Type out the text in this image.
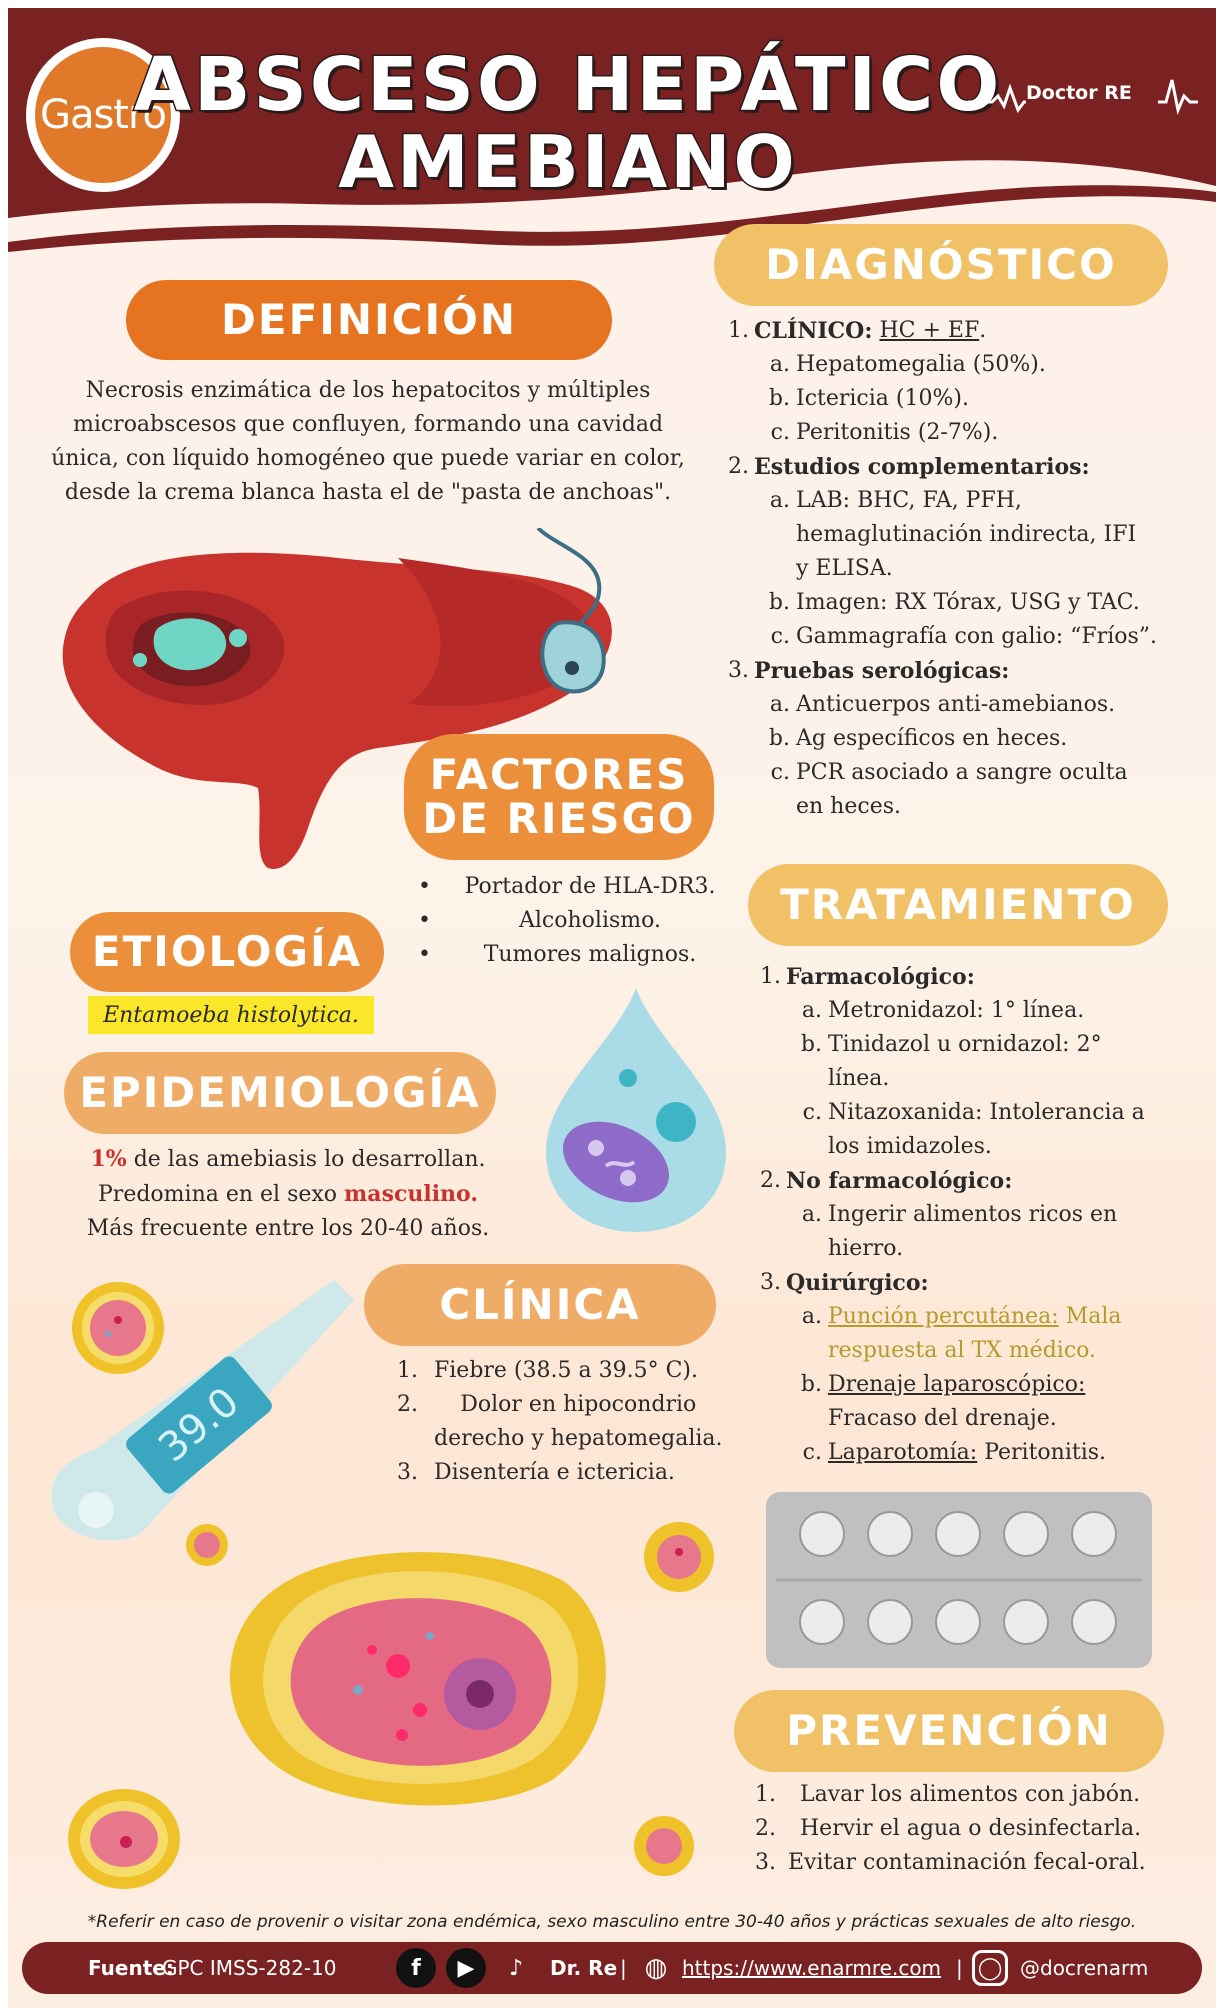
Gastro
ABSCESO HEPÁTICO
AMEBIANO
Doctor RE
DEFINICIÓN
Necrosis enzimática de los hepatocitos y múltiples
microabscesos que confluyen, formando una cavidad
única, con líquido homogéneo que puede variar en color,
desde la crema blanca hasta el de "pasta de anchoas".
FACTORES
DE RIESGO
•	Portador de HLA-DR3.
•	Alcoholismo.
•	Tumores malignos.
ETIOLOGÍA
Entamoeba histolytica.
EPIDEMIOLOGÍA
1% de las amebiasis lo desarrollan.
Predomina en el sexo masculino.
Más frecuente entre los 20-40 años.
39.0
CLÍNICA
1. Fiebre (38.5 a 39.5° C).
2.	Dolor en hipocondrio
derecho y hepatomegalia.
3. Disentería e ictericia.
DIAGNÓSTICO
1. CLÍNICO:
HC + EF .
a. Hepatomegalia (50%).
b. Ictericia (10%).
c. Peritonitis (2-7%).
2. Estudios complementarios:
a. LAB: BHC, FA, PFH,
hemaglutinación indirecta, IFI
y ELISA.
b. Imagen: RX Tórax, USG y TAC.
c. Gammagrafía con galio: “Fríos”.
3. Pruebas serológicas:
a. Anticuerpos anti-amebianos.
b. Ag específicos en heces.
c. PCR asociado a sangre oculta
en heces.
TRATAMIENTO
1. Farmacológico:
a. Metronidazol: 1° línea.
b. Tinidazol u ornidazol: 2°
línea.
c. Nitazoxanida: Intolerancia a
los imidazoles.
2. No farmacológico:
a. Ingerir alimentos ricos en
hierro.
3. Quirúrgico:
a. Punción percutánea: Mala
respuesta al TX médico.
b. Drenaje laparoscópico:
Fracaso del drenaje.
c. Laparotomía: Peritonitis.
PREVENCIÓN
1.	Lavar los alimentos con jabón.
2.	Hervir el agua o desinfectarla.
3. Evitar contaminación fecal-oral.
*Referir en caso de provenir o visitar zona endémica, sexo masculino entre 30-40 años y prácticas sexuales de alto riesgo.
Fuente:
GPC IMSS-282-10	f	▶	♪	Dr. Re | ◍ https://www.enarmre.com | ◯ @docrenarm
